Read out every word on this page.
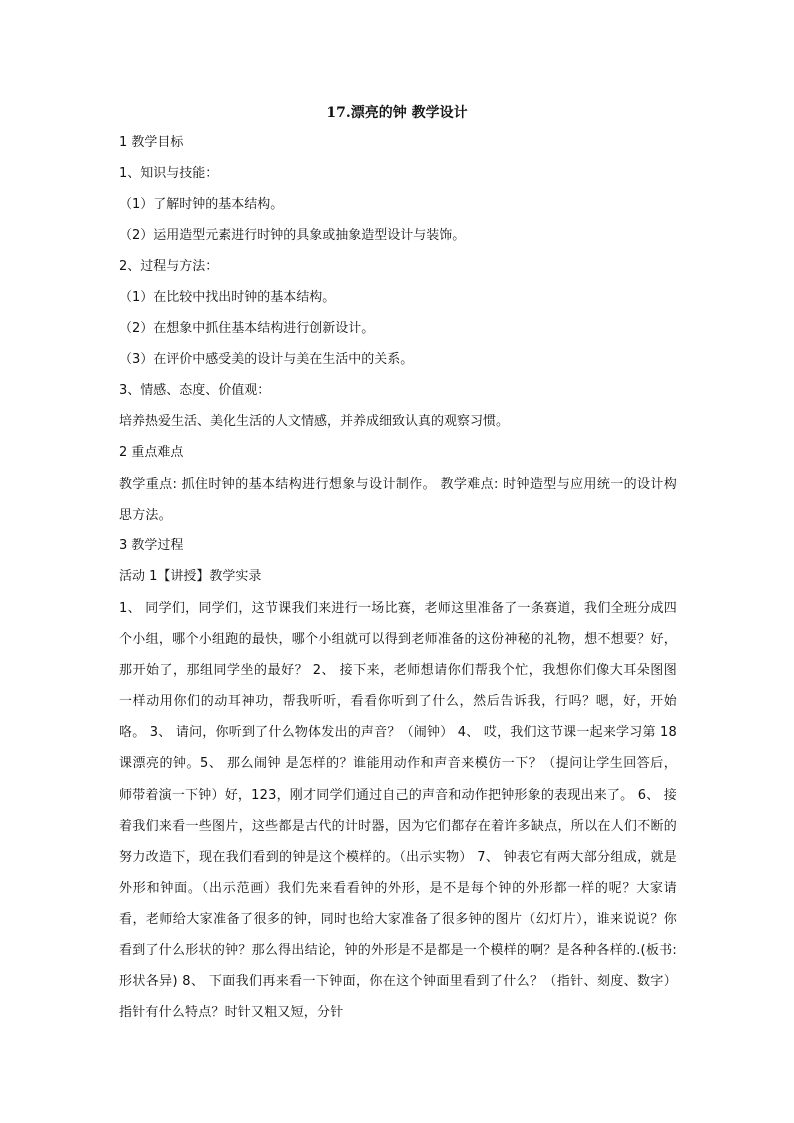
17.漂亮的钟 教学设计
1 教学目标
1、知识与技能：
（1）了解时钟的基本结构。
（2）运用造型元素进行时钟的具象或抽象造型设计与装饰。
2、过程与方法：
（1）在比较中找出时钟的基本结构。
（2）在想象中抓住基本结构进行创新设计。
（3）在评价中感受美的设计与美在生活中的关系。
3、情感、态度、价值观：
培养热爱生活、美化生活的人文情感，并养成细致认真的观察习惯。
2 重点难点
教学重点: 抓住时钟的基本结构进行想象与设计制作。 教学难点: 时钟造型与应用统一的设计构思方法。
3 教学过程
活动 1【讲授】教学实录
1、 同学们，同学们，这节课我们来进行一场比赛，老师这里准备了一条赛道，我们全班分成四个小组，哪个小组跑的最快，哪个小组就可以得到老师准备的这份神秘的礼物，想不想要？好，那开始了，那组同学坐的最好？ 2、 接下来，老师想请你们帮我个忙，我想你们像大耳朵图图一样动用你们的动耳神功，帮我听听，看看你听到了什么，然后告诉我，行吗？嗯，好，开始咯。 3、 请问，你听到了什么物体发出的声音？（闹钟） 4、 哎，我们这节课一起来学习第 18 课漂亮的钟。5、 那么闹钟 是怎样的？谁能用动作和声音来模仿一下？（提问让学生回答后，师带着演一下钟）好，123，刚才同学们通过自己的声音和动作把钟形象的表现出来了。 6、 接着我们来看一些图片，这些都是古代的计时器，因为它们都存在着许多缺点，所以在人们不断的努力改造下，现在我们看到的钟是这个模样的。（出示实物） 7、 钟表它有两大部分组成，就是外形和钟面。（出示范画）我们先来看看钟的外形，是不是每个钟的外形都一样的呢？大家请看，老师给大家准备了很多的钟，同时也给大家准备了很多钟的图片（幻灯片），谁来说说？你看到了什么形状的钟？那么得出结论，钟的外形是不是都是一个模样的啊？是各种各样的.(板书:形状各异) 8、 下面我们再来看一下钟面，你在这个钟面里看到了什么？（指针、刻度、数字）指针有什么特点？时针又粗又短，分针
